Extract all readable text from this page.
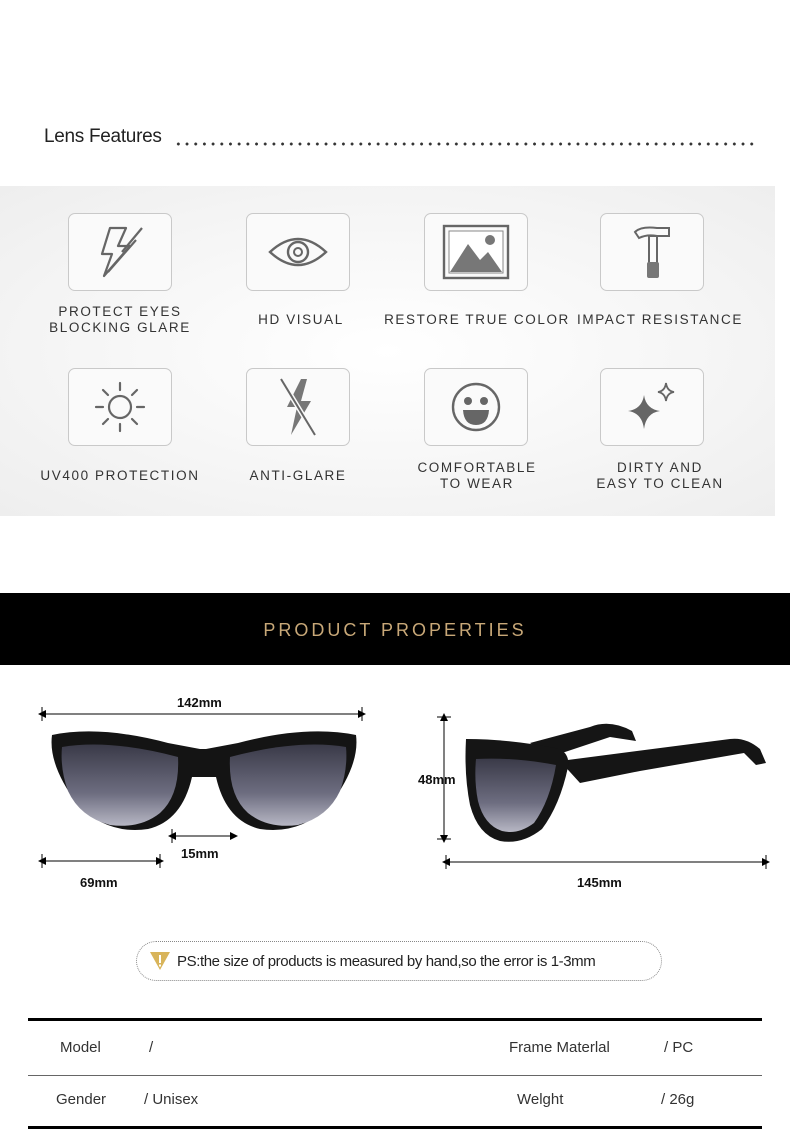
Lens Features
PROTECT EYES
BLOCKING GLARE
HD VISUAL	RESTORE TRUE COLOR IMPACT RESISTANCE
UV400 PROTECTION	ANTI-GLARE
COMFORTABLE
TO WEAR
DIRTY AND
EASY TO CLEAN
PRODUCT PROPERTIES
142mm
15mm
69mm
48mm
145mm
PS:the size of products is measured by hand,so the error is 1-3mm
Model	/	Frame Materlal	/ PC
Gender	/ Unisex	Welght	/ 26g
